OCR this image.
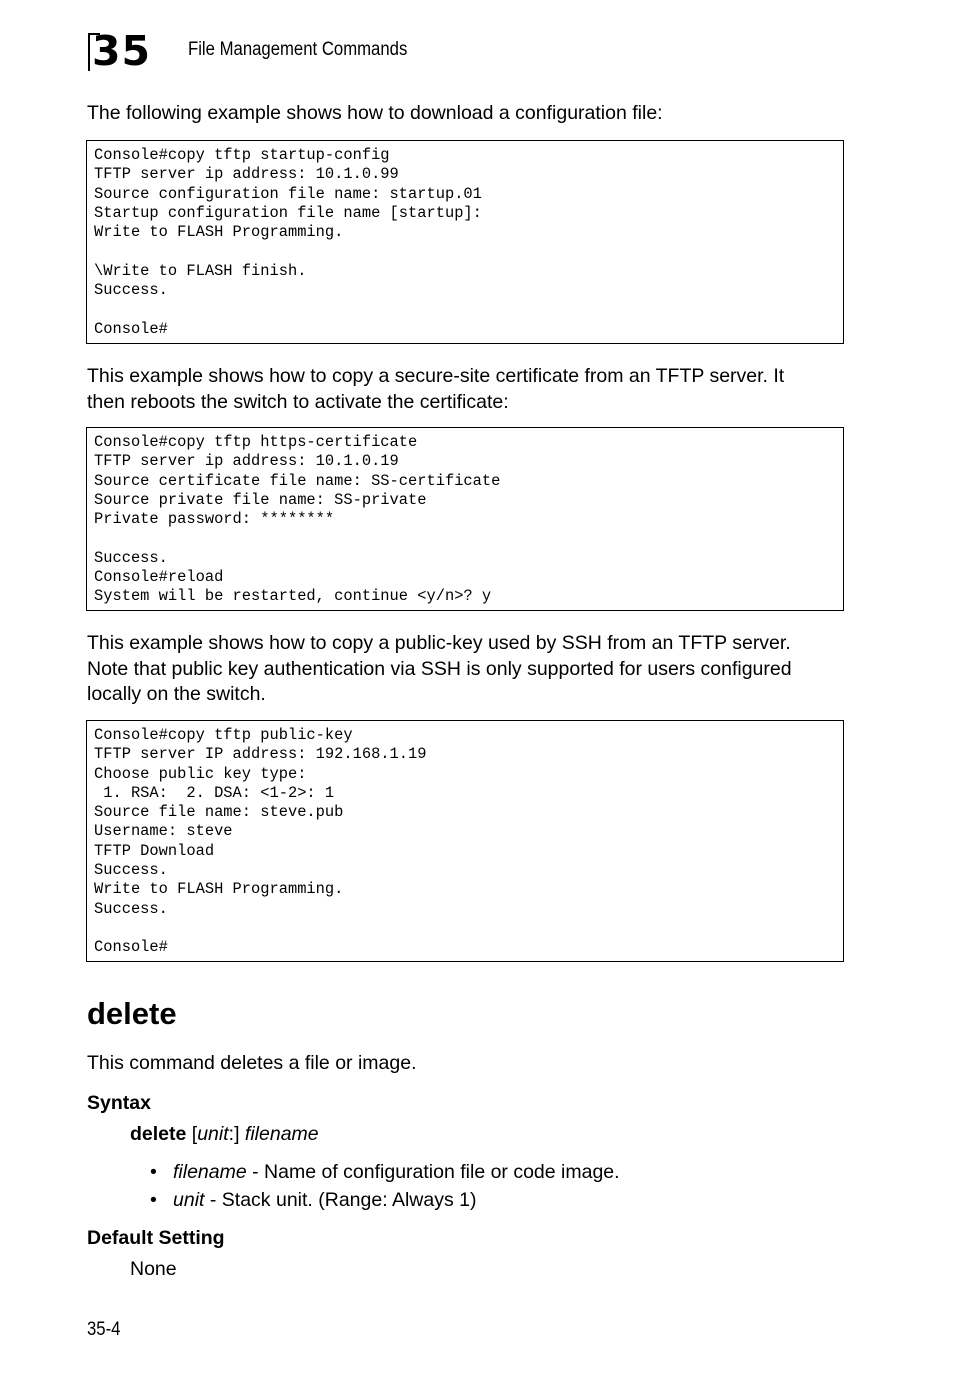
35 File Management Commands

The following example shows how to download a configuration file:

Console#copy tftp startup-config
TFTP server ip address: 10.1.0.99
Source configuration file name: startup.01
Startup configuration file name [startup]:
Write to FLASH Programming.

\Write to FLASH finish.
Success.

Console#

This example shows how to copy a secure-site certificate from an TFTP server. It then reboots the switch to activate the certificate:

Console#copy tftp https-certificate
TFTP server ip address: 10.1.0.19
Source certificate file name: SS-certificate
Source private file name: SS-private
Private password: ********

Success.
Console#reload
System will be restarted, continue <y/n>? y

This example shows how to copy a public-key used by SSH from an TFTP server. Note that public key authentication via SSH is only supported for users configured locally on the switch.

Console#copy tftp public-key
TFTP server IP address: 192.168.1.19
Choose public key type:
1. RSA:  2. DSA: <1-2>: 1
Source file name: steve.pub
Username: steve
TFTP Download
Success.
Write to FLASH Programming.
Success.

Console#
delete

This command deletes a file or image.

Syntax

delete [unit:] filename

• filename - Name of configuration file or code image.
• unit - Stack unit. (Range: Always 1)
Default Setting

None

35-4
